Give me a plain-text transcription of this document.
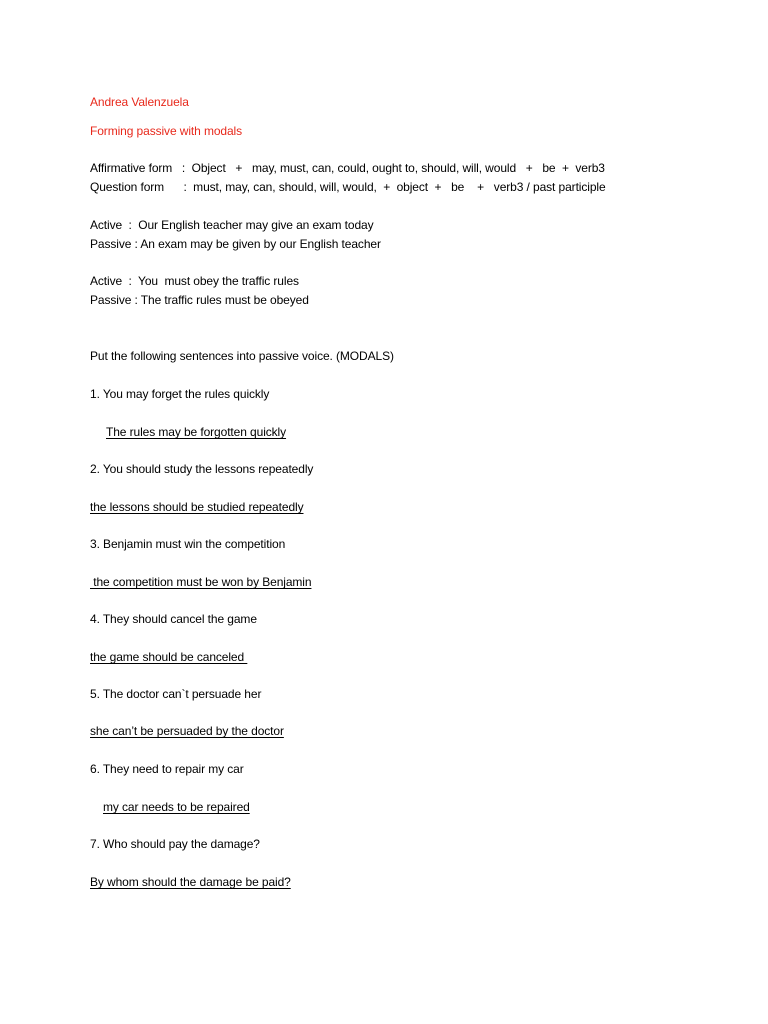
Andrea Valenzuela
Forming passive with modals
Affirmative form   :  Object   +   may, must, can, could, ought to, should, will, would   +   be  +  verb3
Question form      :  must, may, can, should, will, would,  +  object  +   be    +   verb3 / past participle
Active  :  Our English teacher may give an exam today
Passive : An exam may be given by our English teacher
Active  :  You  must obey the traffic rules
Passive : The traffic rules must be obeyed
Put the following sentences into passive voice. (MODALS)
1. You may forget the rules quickly
The rules may be forgotten quickly
2. You should study the lessons repeatedly
the lessons should be studied repeatedly
3. Benjamin must win the competition
the competition must be won by Benjamin
4. They should cancel the game
the game should be canceled
5. The doctor can`t persuade her
she can’t be persuaded by the doctor
6. They need to repair my car
my car needs to be repaired
7. Who should pay the damage?
By whom should the damage be paid?
